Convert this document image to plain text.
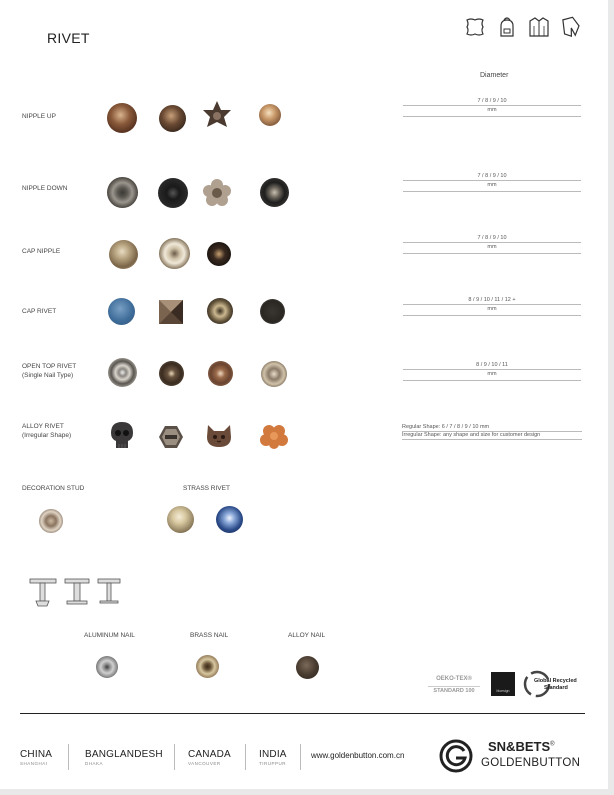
RIVET
Diameter
NIPPLE UP
7 / 8 / 9 / 10
mm
NIPPLE DOWN
7 / 8 / 9 / 10
mm
CAP NIPPLE
7 / 8 / 9 / 10
mm
CAP RIVET
8 / 9 / 10 / 11 / 12 +
mm
OPEN TOP RIVET
(Single Nail Type)
8 / 9 / 10 / 11
mm
ALLOY RIVET
(Irregular Shape)
Regular Shape: 6 / 7 / 8 / 9 / 10 mm
Irregular Shape: any shape and size for customer design
DECORATION STUD	STRASS RIVET
ALUMINUM NAIL	BRASS NAIL	ALLOY NAIL
OEKO-TEX®
STANDARD 100	bluesign
Global Recycled
Standard
CHINA
SHANGHAI
BANGLANDESH
DHAKA
CANADA
VANCOUVER
INDIA
TIRUPPUR
www.goldenbutton.com.cn
SN&BETS®
GOLDENBUTTON
